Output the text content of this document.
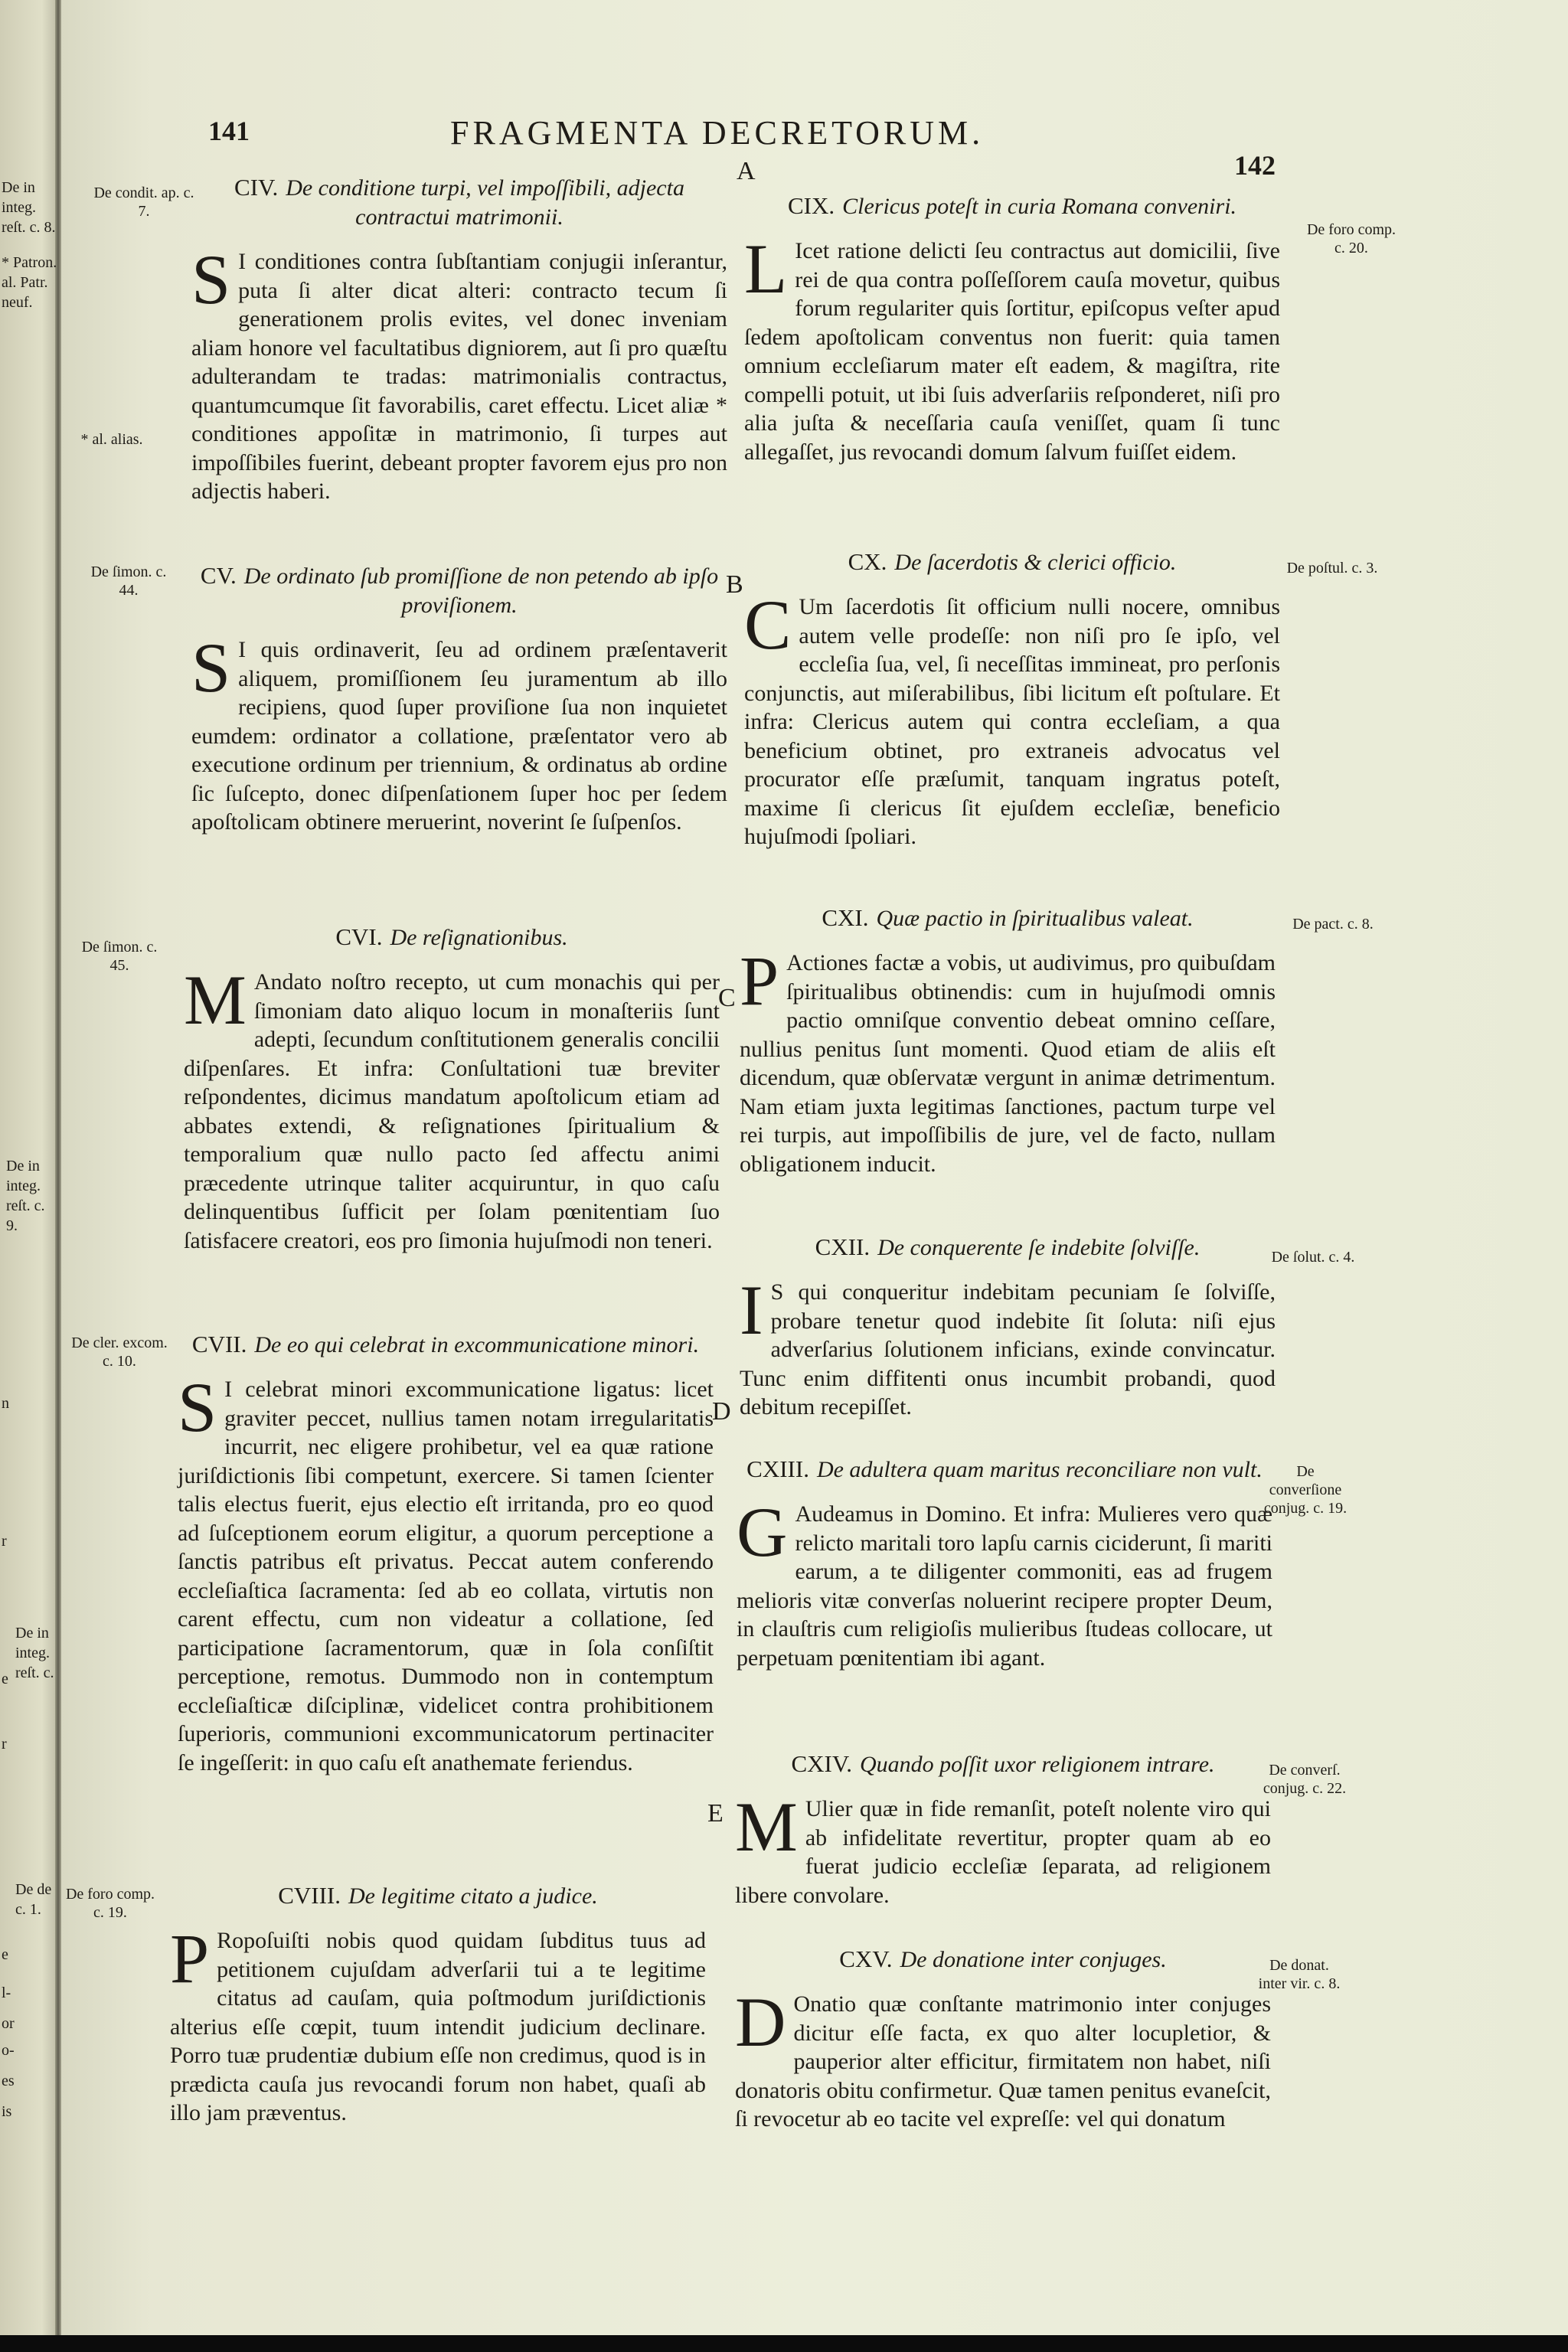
De in integ. reſt. c. 8.
* Patron. al. Patr. neuf.
De in integ. reſt. c. 9.
De in integ. reſt. c.
De de c. 1.
n
r
e
r
e
l-
or
o-
es
is
141	FRAGMENTA DECRETORUM.
142
A
B
C
D
E
De condit. ap. c. 7.
* al. alias.

CIV. De conditione turpi, vel impoſſibili, adjecta contractui matrimonii.

S I conditiones contra ſubſtantiam conjugii inſerantur, puta ſi alter dicat alteri: contracto tecum ſi generationem prolis evites, vel donec inveniam aliam honore vel facultatibus digniorem, aut ſi pro quæſtu adulterandam te tradas: matrimonialis contractus, quantumcumque ſit favorabilis, caret effectu. Licet aliæ * conditiones appoſitæ in matrimonio, ſi turpes aut impoſſibiles fuerint, debeant propter favorem ejus pro non adjectis haberi.

De ſimon. c. 44.

CV. De ordinato ſub promiſſione de non petendo ab ipſo proviſionem.

S I quis ordinaverit, ſeu ad ordinem præſentaverit aliquem, promiſſionem ſeu juramentum ab illo recipiens, quod ſuper proviſione ſua non inquietet eumdem: ordinator a collatione, præſentator vero ab executione ordinum per triennium, & ordinatus ab ordine ſic ſuſcepto, donec diſpenſationem ſuper hoc per ſedem apoſtolicam obtinere meruerint, noverint ſe ſuſpenſos.

De ſimon. c. 45.

CVI. De reſignationibus.

M Andato noſtro recepto, ut cum monachis qui per ſimoniam dato aliquo locum in monaſteriis ſunt adepti, ſecundum conſtitutionem generalis concilii diſpenſares. Et infra: Conſultationi tuæ breviter reſpondentes, dicimus mandatum apoſtolicum etiam ad abbates extendi, & reſignationes ſpiritualium & temporalium quæ nullo pacto ſed affectu animi præcedente utrinque taliter acquiruntur, in quo caſu delinquentibus ſufficit per ſolam pœnitentiam ſuo ſatisfacere creatori, eos pro ſimonia hujuſmodi non teneri.

De cler. excom. c. 10.

CVII. De eo qui celebrat in excommunicatione minori.

S I celebrat minori excommunicatione ligatus: licet graviter peccet, nullius tamen notam irregularitatis incurrit, nec eligere prohibetur, vel ea quæ ratione juriſdictionis ſibi competunt, exercere. Si tamen ſcienter talis electus fuerit, ejus electio eſt irritanda, pro eo quod ad ſuſceptionem eorum eligitur, a quorum perceptione a ſanctis patribus eſt privatus. Peccat autem conferendo eccleſiaſtica ſacramenta: ſed ab eo collata, virtutis non carent effectu, cum non videatur a collatione, ſed participatione ſacramentorum, quæ in ſola conſiſtit perceptione, remotus. Dummodo non in contemptum eccleſiaſticæ diſciplinæ, videlicet contra prohibitionem ſuperioris, communioni excommunicatorum pertinaciter ſe ingeſſerit: in quo caſu eſt anathemate feriendus.

De foro comp. c. 19.

CVIII. De legitime citato a judice.

P Ropoſuiſti nobis quod quidam ſubditus tuus ad petitionem cujuſdam adverſarii tui a te legitime citatus ad cauſam, quia poſtmodum juriſdictionis alterius eſſe cœpit, tuum intendit judicium declinare. Porro tuæ prudentiæ dubium eſſe non credimus, quod is in prædicta cauſa jus revocandi forum non habet, quaſi ab illo jam præventus.

CIX. Clericus poteſt in curia Romana conveniri.

L Icet ratione delicti ſeu contractus aut domicilii, ſive rei de qua contra poſſeſſorem cauſa movetur, quibus forum regulariter quis ſortitur, epiſcopus veſter apud ſedem apoſtolicam conventus non fuerit: quia tamen omnium eccleſiarum mater eſt eadem, & magiſtra, rite compelli potuit, ut ibi ſuis adverſariis reſponderet, niſi pro alia juſta & neceſſaria cauſa veniſſet, quam ſi tunc allegaſſet, jus revocandi domum ſalvum fuiſſet eidem.

De foro comp. c. 20.

CX. De ſacerdotis & clerici officio.

C Um ſacerdotis ſit officium nulli nocere, omnibus autem velle prodeſſe: non niſi pro ſe ipſo, vel eccleſia ſua, vel, ſi neceſſitas immineat, pro perſonis conjunctis, aut miſerabilibus, ſibi licitum eſt poſtulare. Et infra: Clericus autem qui contra eccleſiam, a qua beneficium obtinet, pro extraneis advocatus vel procurator eſſe præſumit, tanquam ingratus poteſt, maxime ſi clericus ſit ejuſdem eccleſiæ, beneficio hujuſmodi ſpoliari.

De poſtul. c. 3.

CXI. Quæ pactio in ſpiritualibus valeat.

P Actiones factæ a vobis, ut audivimus, pro quibuſdam ſpiritualibus obtinendis: cum in hujuſmodi omnis pactio omniſque conventio debeat omnino ceſſare, nullius penitus ſunt momenti. Quod etiam de aliis eſt dicendum, quæ obſervatæ vergunt in animæ detrimentum. Nam etiam juxta legitimas ſanctiones, pactum turpe vel rei turpis, aut impoſſibilis de jure, vel de facto, nullam obligationem inducit.

De pact. c. 8.

CXII. De conquerente ſe indebite ſolviſſe.

I S qui conqueritur indebitam pecuniam ſe ſolviſſe, probare tenetur quod indebite ſit ſoluta: niſi ejus adverſarius ſolutionem inficians, exinde convincatur. Tunc enim diffitenti onus incumbit probandi, quod debitum recepiſſet.

De ſolut. c. 4.

CXIII. De adultera quam maritus reconciliare non vult.

G Audeamus in Domino. Et infra: Mulieres vero quæ relicto maritali toro lapſu carnis ciciderunt, ſi mariti earum, a te diligenter commoniti, eas ad frugem melioris vitæ converſas noluerint recipere propter Deum, in clauſtris cum religioſis mulieribus ſtudeas collocare, ut perpetuam pœnitentiam ibi agant.

De converſione conjug. c. 19.

CXIV. Quando poſſit uxor religionem intrare.

M Ulier quæ in fide remanſit, poteſt nolente viro qui ab infidelitate revertitur, propter quam ab eo fuerat judicio eccleſiæ ſeparata, ad religionem libere convolare.

De converſ. conjug. c. 22.

CXV. De donatione inter conjuges.

D Onatio quæ conſtante matrimonio inter conjuges dicitur eſſe facta, ex quo alter locupletior, & pauperior alter efficitur, firmitatem non habet, niſi donatoris obitu confirmetur. Quæ tamen penitus evaneſcit, ſi revocetur ab eo tacite vel expreſſe: vel qui donatum

De donat. inter vir. c. 8.
